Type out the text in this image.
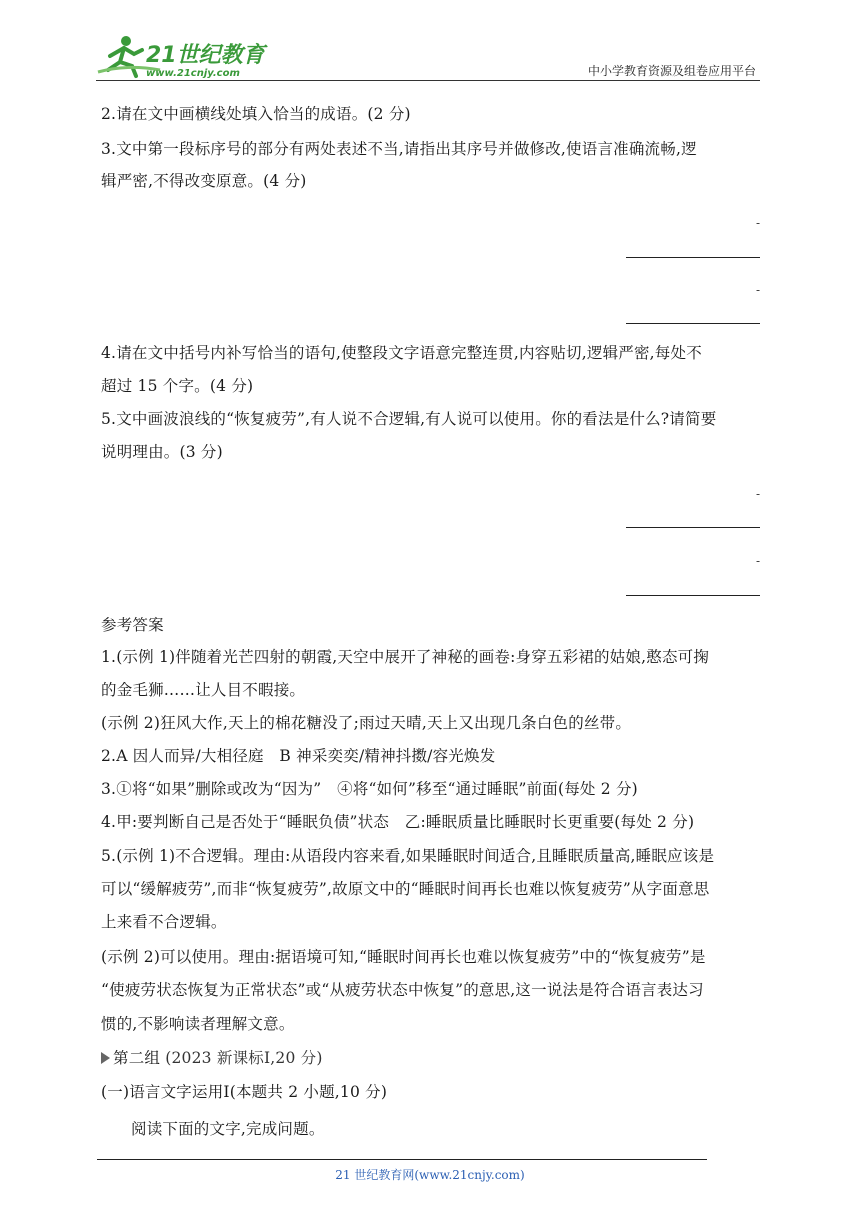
21世纪教育
www.21cnjy.com	中小学教育资源及组卷应用平台
2.请在文中画横线处填入恰当的成语。(2 分)
3.文中第一段标序号的部分有两处表述不当,请指出其序号并做修改,使语言准确流畅,逻
辑严密,不得改变原意。(4 分)
-
-
4.请在文中括号内补写恰当的语句,使整段文字语意完整连贯,内容贴切,逻辑严密,每处不
超过 15 个字。(4 分)
5.文中画波浪线的“恢复疲劳”,有人说不合逻辑,有人说可以使用。你的看法是什么?请简要
说明理由。(3 分)
-
-
参考答案
1.(示例 1)伴随着光芒四射的朝霞,天空中展开了神秘的画卷:身穿五彩裙的姑娘,憨态可掬
的金毛狮……让人目不暇接。
(示例 2)狂风大作,天上的棉花糖没了;雨过天晴,天上又出现几条白色的丝带。
2.A 因人而异/大相径庭　B 神采奕奕/精神抖擞/容光焕发
3.①将“如果”删除或改为“因为”　④将“如何”移至“通过睡眠”前面(每处 2 分)
4.甲:要判断自己是否处于“睡眠负债”状态　乙:睡眠质量比睡眠时长更重要(每处 2 分)
5.(示例 1)不合逻辑。理由:从语段内容来看,如果睡眠时间适合,且睡眠质量高,睡眠应该是
可以“缓解疲劳”,而非“恢复疲劳”,故原文中的“睡眠时间再长也难以恢复疲劳”从字面意思
上来看不合逻辑。
(示例 2)可以使用。理由:据语境可知,“睡眠时间再长也难以恢复疲劳”中的“恢复疲劳”是
“使疲劳状态恢复为正常状态”或“从疲劳状态中恢复”的意思,这一说法是符合语言表达习
惯的,不影响读者理解文意。
第二组 (2023 新课标Ⅰ,20 分)
(一)语言文字运用Ⅰ(本题共 2 小题,10 分)
阅读下面的文字,完成问题。
21 世纪教育网(www.21cnjy.com)
